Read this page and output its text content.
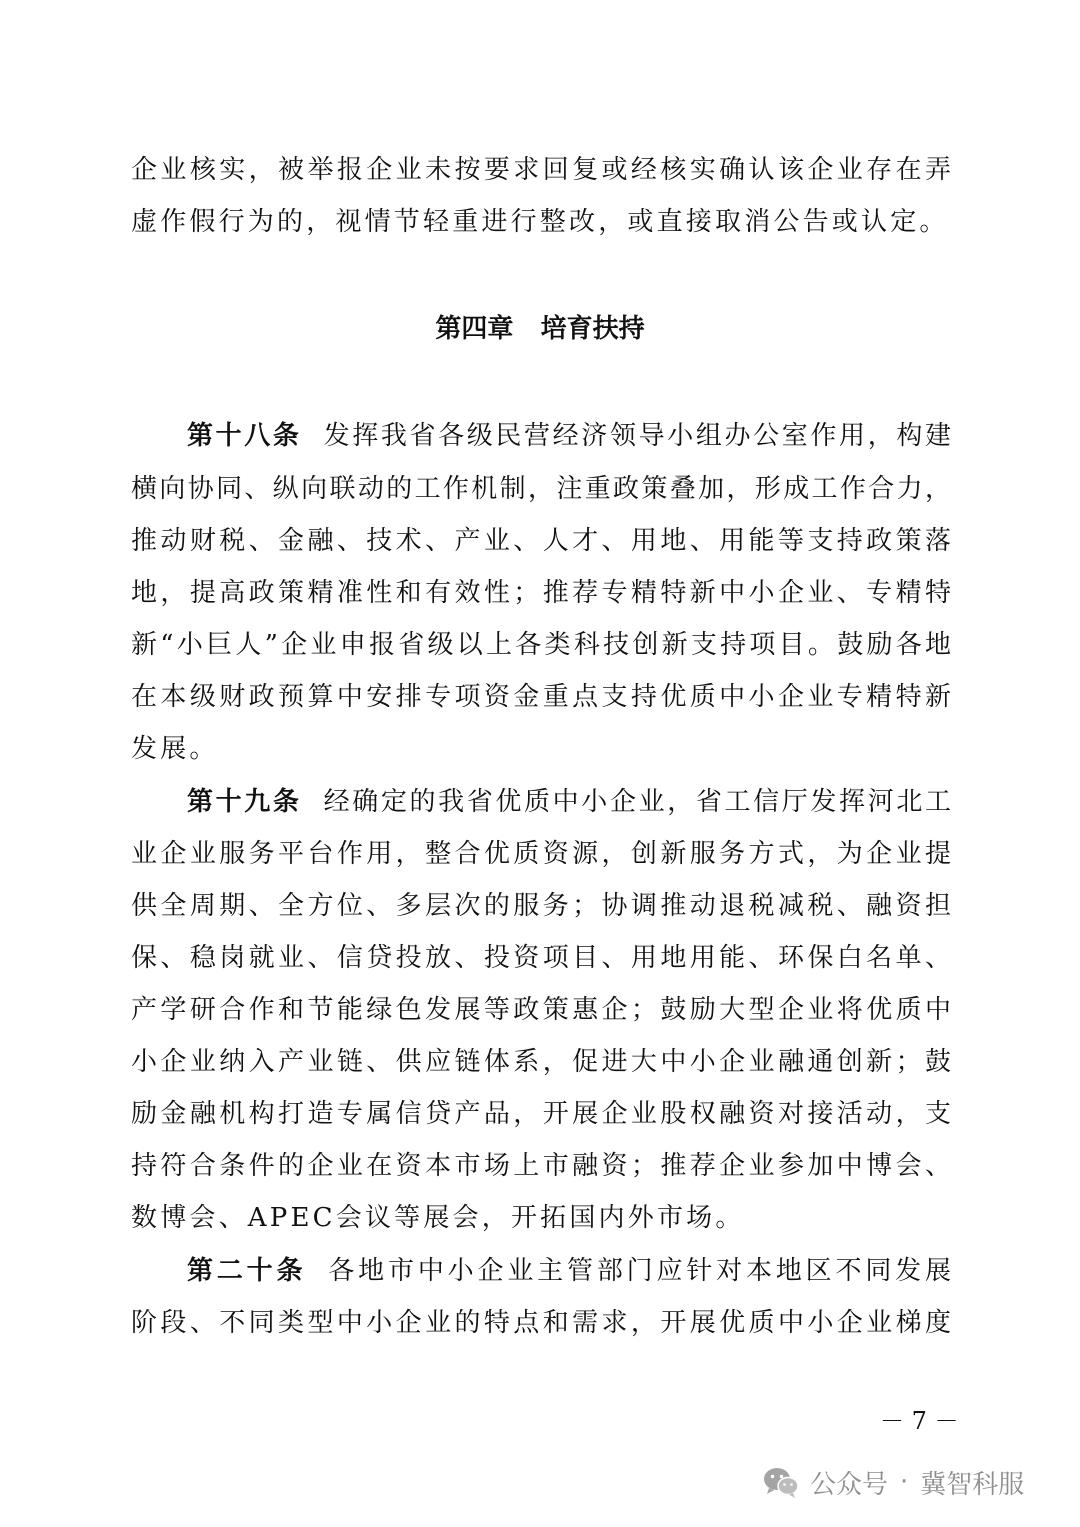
企业核实，被举报企业未按要求回复或经核实确认该企业存在弄
虚作假行为的，视情节轻重进行整改，或直接取消公告或认定。
第四章   培育扶持
第十八条 发挥我省各级民营经济领导小组办公室作用，构建
横向协同、纵向联动的工作机制，注重政策叠加，形成工作合力，
推动财税、金融、技术、产业、人才、用地、用能等支持政策落
地，提高政策精准性和有效性；推荐专精特新中小企业、专精特
新“小巨人”企业申报省级以上各类科技创新支持项目。鼓励各地
在本级财政预算中安排专项资金重点支持优质中小企业专精特新
发展。
第十九条 经确定的我省优质中小企业，省工信厅发挥河北工
业企业服务平台作用，整合优质资源，创新服务方式，为企业提
供全周期、全方位、多层次的服务；协调推动退税减税、融资担
保、稳岗就业、信贷投放、投资项目、用地用能、环保白名单、
产学研合作和节能绿色发展等政策惠企；鼓励大型企业将优质中
小企业纳入产业链、供应链体系，促进大中小企业融通创新；鼓
励金融机构打造专属信贷产品，开展企业股权融资对接活动，支
持符合条件的企业在资本市场上市融资；推荐企业参加中博会、
数博会、APEC会议等展会，开拓国内外市场。
第二十条 各地市中小企业主管部门应针对本地区不同发展
阶段、不同类型中小企业的特点和需求，开展优质中小企业梯度
－ 7 －
公众号 · 冀智科服
